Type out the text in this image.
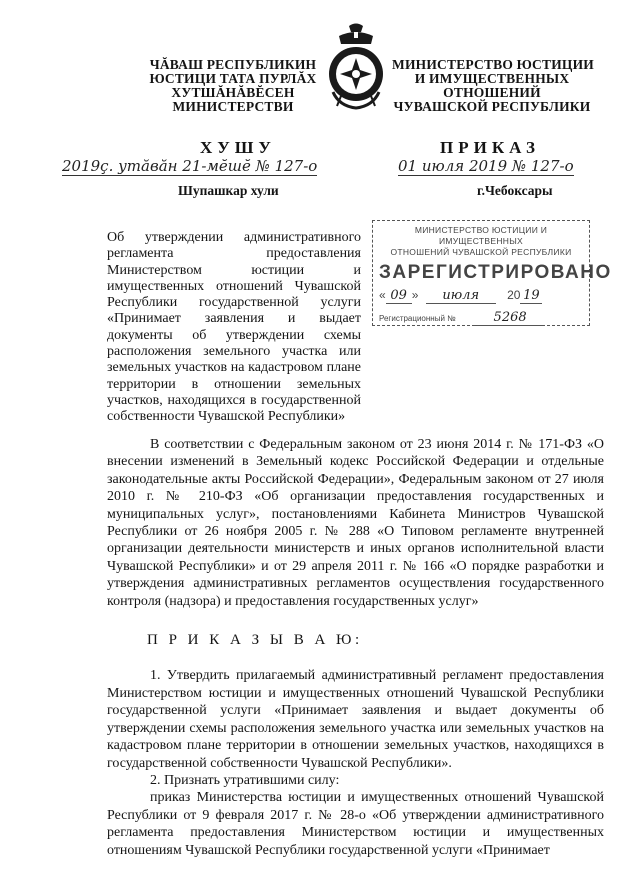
ЧĂВАШ РЕСПУБЛИКИН
ЮСТИЦИ ТАТА ПУРЛĂХ
ХУТШĂНĂВĔСЕН
МИНИСТЕРСТВИ
МИНИСТЕРСТВО ЮСТИЦИИ
И ИМУЩЕСТВЕННЫХ
ОТНОШЕНИЙ
ЧУВАШСКОЙ РЕСПУБЛИКИ
ХУШУ	ПРИКАЗ
2019ç. утăвăн 21-мĕшĕ № 127-о	01 июля 2019 № 127-о
Шупашкар хули	г.Чебоксары
Об утверждении административного регламента предоставления Министерством юстиции и имущественных отношений Чувашской Республики государственной услуги «Принимает заявления и выдает документы об утверждении схемы расположения земельного участка или земельных участков на кадастровом плане территории в отношении земельных участков, находящихся в государственной собственности Чувашской Республики»
МИНИСТЕРСТВО ЮСТИЦИИ И ИМУЩЕСТВЕННЫХ
ОТНОШЕНИЙ ЧУВАШСКОЙ РЕСПУБЛИКИ
ЗАРЕГИСТРИРОВАНО
« 09 » июля 20 19
Регистрационный №	5268

В соответствии с Федеральным законом от 23 июня 2014 г. № 171-ФЗ «О внесении изменений в Земельный кодекс Российской Федерации и отдельные законодательные акты Российской Федерации», Федеральным законом от 27 июля 2010 г. № 210-ФЗ «Об организации предоставления государственных и муниципальных услуг», постановлениями Кабинета Министров Чувашской Республики от 26 ноября 2005 г. № 288 «О Типовом регламенте внутренней организации деятельности министерств и иных органов исполнительной власти Чувашской Республики» и от 29 апреля 2011 г. № 166 «О порядке разработки и утверждения административных регламентов осуществления государственного контроля (надзора) и предоставления государственных услуг»

П Р И К А З Ы В А Ю:

1. Утвердить прилагаемый административный регламент предоставления Министерством юстиции и имущественных отношений Чувашской Республики государственной услуги «Принимает заявления и выдает документы об утверждении схемы расположения земельного участка или земельных участков на кадастровом плане территории в отношении земельных участков, находящихся в государственной собственности Чувашской Республики».

2. Признать утратившими силу:

приказ Министерства юстиции и имущественных отношений Чувашской Республики от 9 февраля 2017 г. № 28-о «Об утверждении административного регламента предоставления Министерством юстиции и имущественных отношениям Чувашской Республики государственной услуги «Принимает
